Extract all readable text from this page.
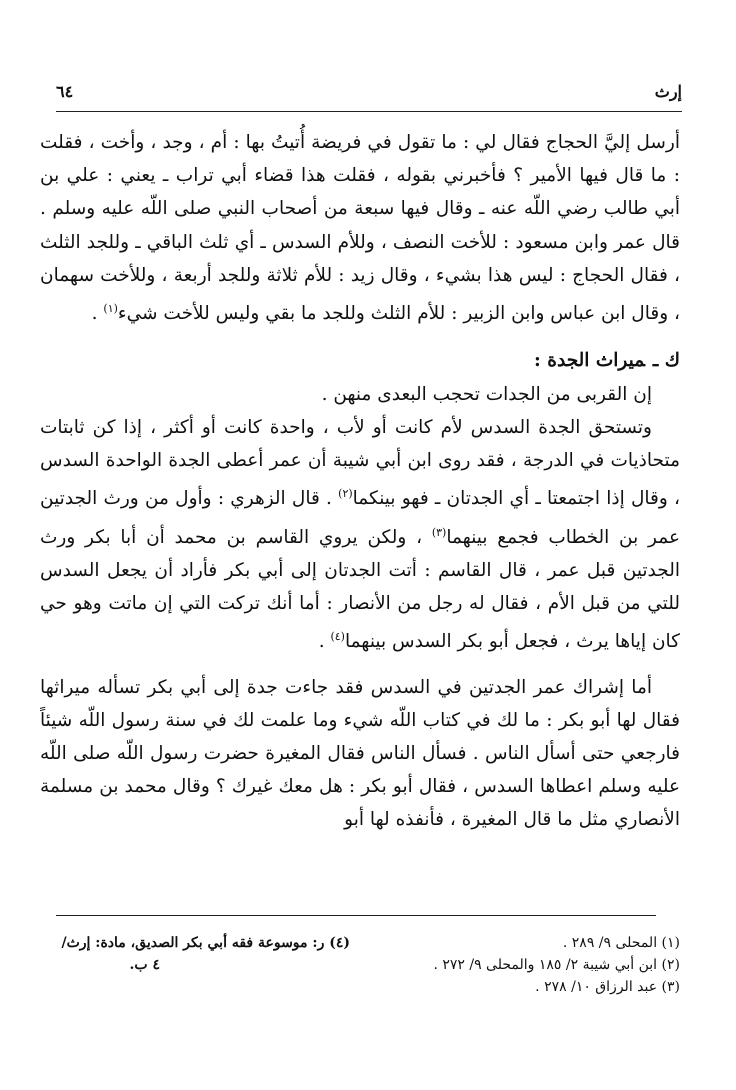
إرث
٦٤

أرسل إليَّ الحجاج فقال لي : ما تقول في فريضة أُتيتُ بها : أم ، وجد ، وأخت ، فقلت : ما قال فيها الأمير ؟ فأخبرني بقوله ، فقلت هذا قضاء أبي تراب ـ يعني : علي بن أبي طالب رضي اللّه عنه ـ وقال فيها سبعة من أصحاب النبي صلى اللّه عليه وسلم . قال عمر وابن مسعود : للأخت النصف ، وللأم السدس ـ أي ثلث الباقي ـ وللجد الثلث ، فقال الحجاج : ليس هذا بشيء ، وقال زيد : للأم ثلاثة وللجد أربعة ، وللأخت سهمان ، وقال ابن عباس وابن الزبير : للأم الثلث وللجد ما بقي وليس للأخت شيء$^{(١)}$ .

ك ـميراث الجدة :

إن القربى من الجدات تحجب البعدى منهن .

وتستحق الجدة السدس لأم كانت أو لأب ، واحدة كانت أو أكثر ، إذا كن ثابتات متحاذيات في الدرجة ، فقد روى ابن أبي شيبة أن عمر أعطى الجدة الواحدة السدس ، وقال إذا اجتمعتا ـ أي الجدتان ـ فهو بينكما$^{(٢)}$ . قال الزهري : وأول من ورث الجدتين عمر بن الخطاب فجمع بينهما$^{(٣)}$ ، ولكن يروي القاسم بن محمد أن أبا بكر ورث الجدتين قبل عمر ، قال القاسم : أتت الجدتان إلى أبي بكر فأراد أن يجعل السدس للتي من قبل الأم ، فقال له رجل من الأنصار : أما أنك تركت التي إن ماتت وهو حي كان إياها يرث ، فجعل أبو بكر السدس بينهما$^{(٤)}$ .

أما إشراك عمر الجدتين في السدس فقد جاءت جدة إلى أبي بكر تسأله ميراثها فقال لها أبو بكر : ما لك في كتاب اللّه شيء وما علمت لك في سنة رسول اللّه شيئاً فارجعي حتى أسأل الناس . فسأل الناس فقال المغيرة حضرت رسول اللّه صلى اللّه عليه وسلم اعطاها السدس ، فقال أبو بكر : هل معك غيرك ؟ وقال محمد بن مسلمة الأنصاري مثل ما قال المغيرة ، فأنفذه لها أبو

(١) المحلى ٩/ ٢٨٩ .
(٢) ابن أبي شيبة ٢/ ١٨٥ والمحلى ٩/ ٢٧٢ .
(٣) عبد الرزاق ١٠/ ٢٧٨ .
(٤) ر: موسوعة فقه أبي بكر الصديق، مادة: إرث/
٤ ب.
